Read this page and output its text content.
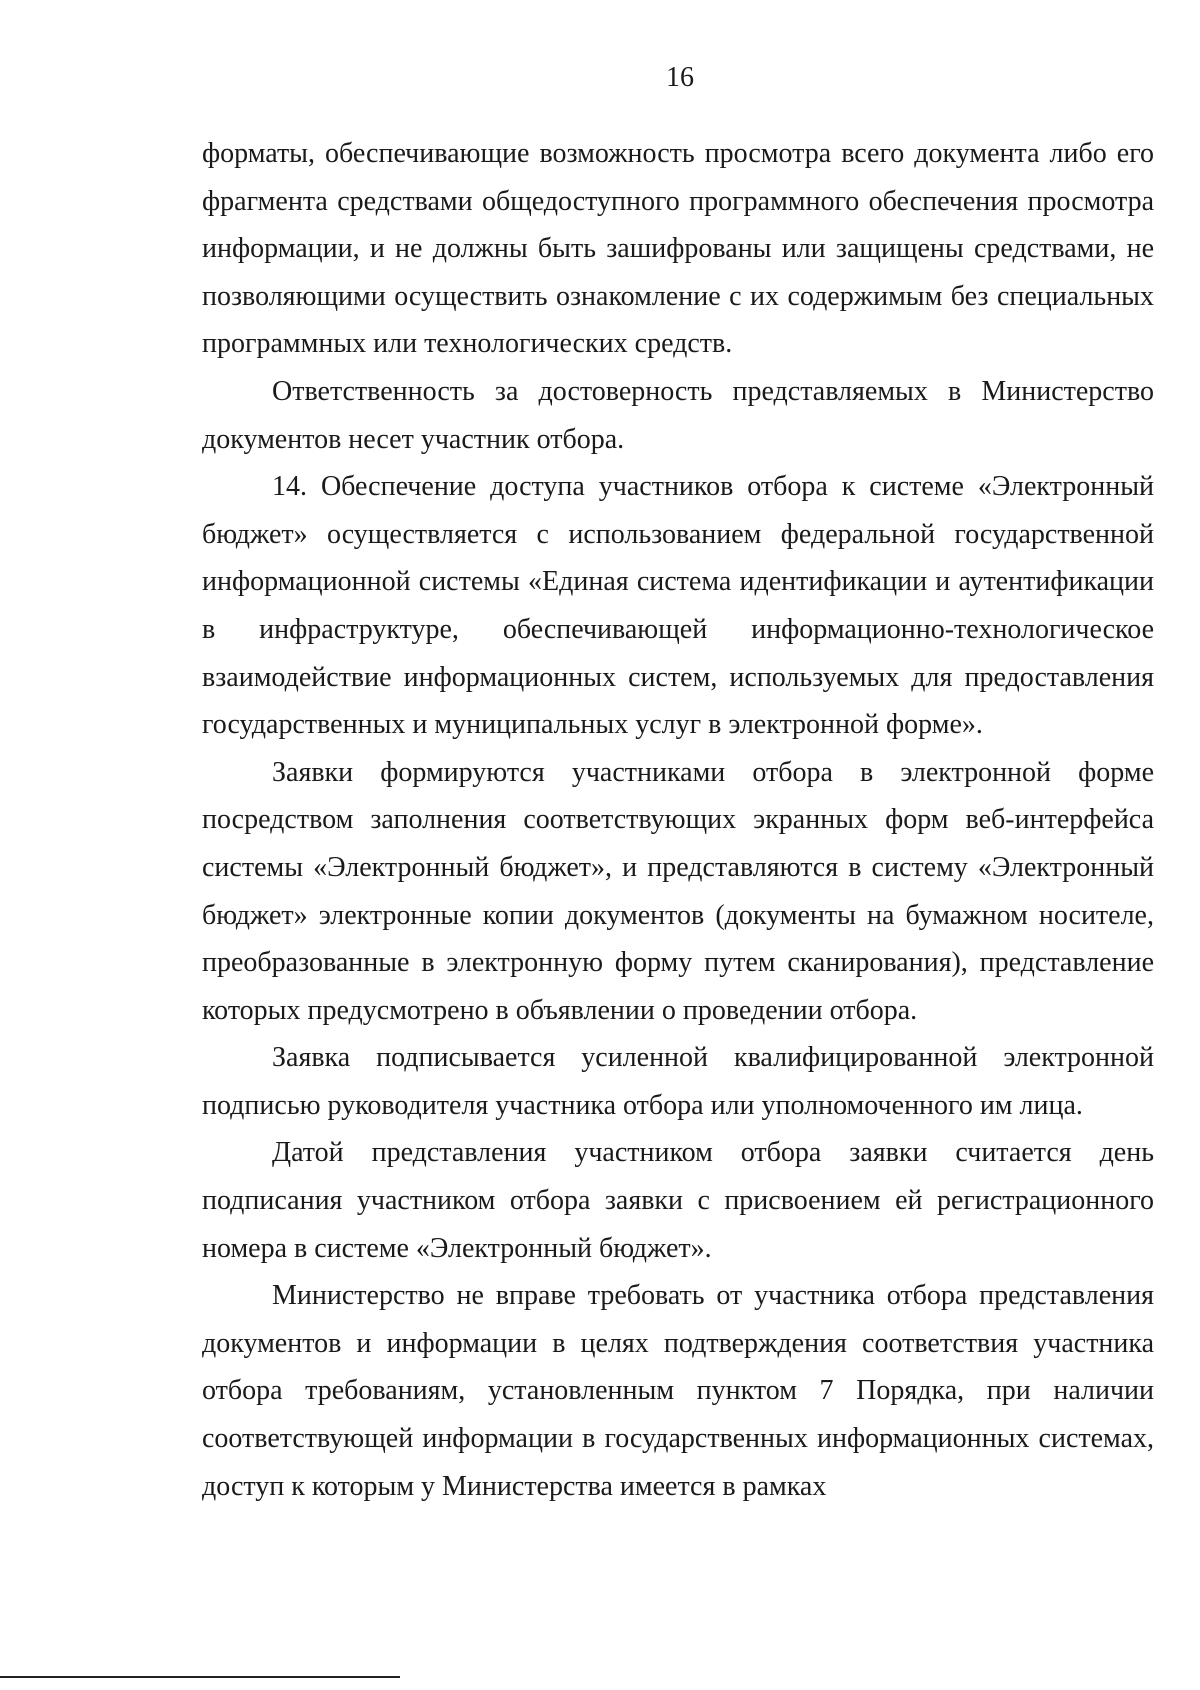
16

форматы, обеспечивающие возможность просмотра всего документа либо его фрагмента средствами общедоступного программного обеспечения просмотра информации, и не должны быть зашифрованы или защищены средствами, не позволяющими осуществить ознакомление с их содержимым без специальных программных или технологических средств.

Ответственность за достоверность представляемых в Министерство документов несет участник отбора.

14. Обеспечение доступа участников отбора к системе «Электронный бюджет» осуществляется с использованием федеральной государственной информационной системы «Единая система идентификации и аутентификации в инфраструктуре, обеспечивающей информационно-технологическое взаимодействие информационных систем, используемых для предоставления государственных и муниципальных услуг в электронной форме».

Заявки формируются участниками отбора в электронной форме посредством заполнения соответствующих экранных форм веб-интерфейса системы «Электронный бюджет», и представляются в систему «Электронный бюджет» электронные копии документов (документы на бумажном носителе, преобразованные в электронную форму путем сканирования), представление которых предусмотрено в объявлении о проведении отбора.

Заявка подписывается усиленной квалифицированной электронной подписью руководителя участника отбора или уполномоченного им лица.

Датой представления участником отбора заявки считается день подписания участником отбора заявки с присвоением ей регистрационного номера в системе «Электронный бюджет».

Министерство не вправе требовать от участника отбора представления документов и информации в целях подтверждения соответствия участника отбора требованиям, установленным пунктом 7 Порядка, при наличии соответствующей информации в государственных информационных системах, доступ к которым у Министерства имеется в рамках
